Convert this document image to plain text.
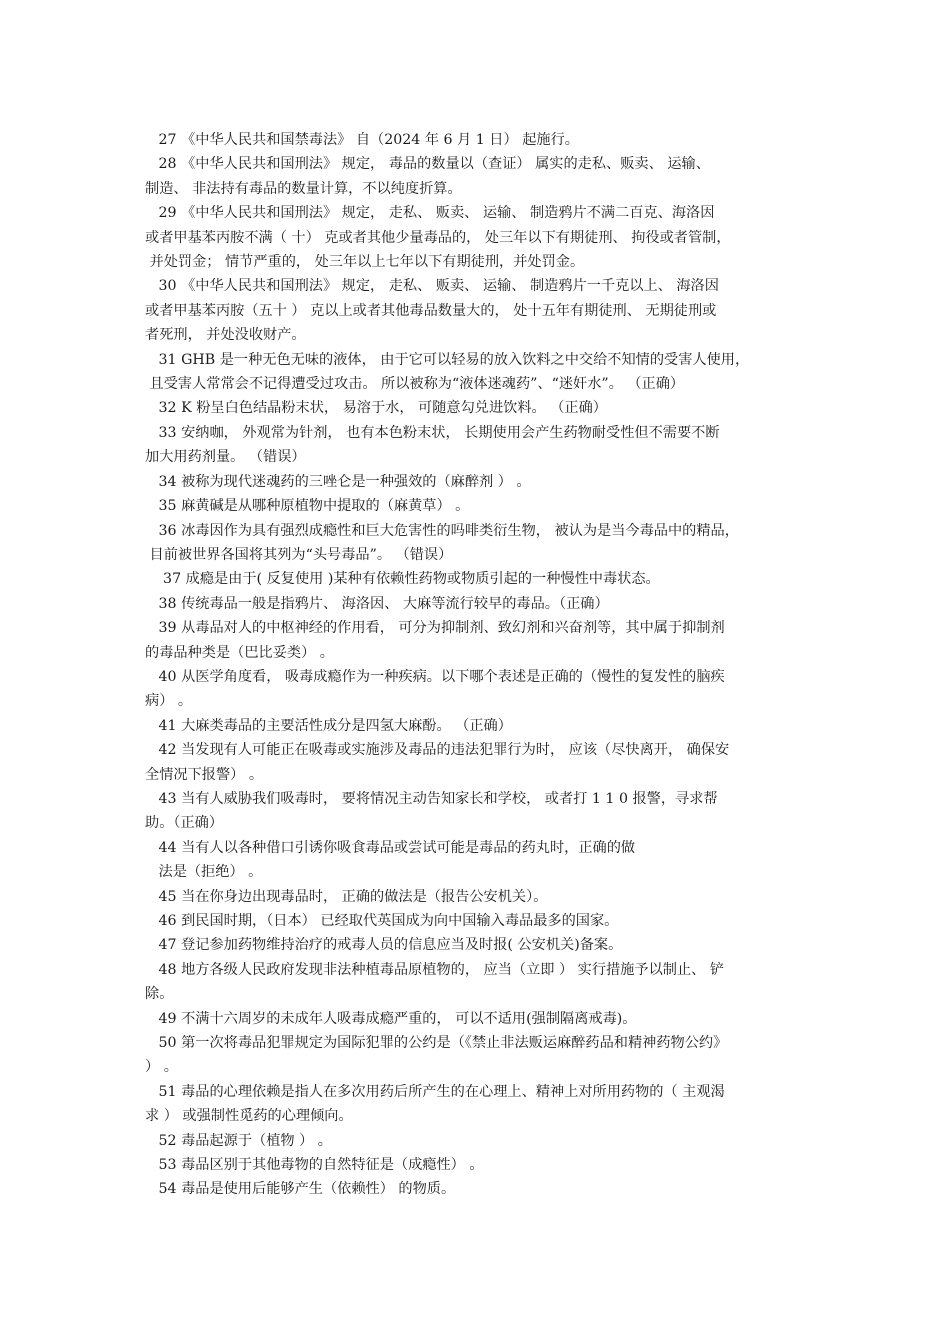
27 《中华人民共和国禁毒法》 自（2024 年 6 月 1 日） 起施行。
28 《中华人民共和国刑法》 规定， 毒品的数量以（查证） 属实的走私、贩卖、 运输、
制造、 非法持有毒品的数量计算，不以纯度折算。
29 《中华人民共和国刑法》 规定， 走私、 贩卖、 运输、 制造鸦片不满二百克、海洛因
或者甲基苯丙胺不满（ 十） 克或者其他少量毒品的， 处三年以下有期徒刑、 拘役或者管制，
并处罚金； 情节严重的， 处三年以上七年以下有期徒刑，并处罚金。
30 《中华人民共和国刑法》 规定， 走私、 贩卖、 运输、 制造鸦片一千克以上、 海洛因
或者甲基苯丙胺（五十 ） 克以上或者其他毒品数量大的， 处十五年有期徒刑、 无期徒刑或
者死刑， 并处没收财产。
31 GHB 是一种无色无味的液体， 由于它可以轻易的放入饮料之中交给不知情的受害人使用，
且受害人常常会不记得遭受过攻击。 所以被称为“液体迷魂药”、“迷奸水”。 （正确）
32 K 粉呈白色结晶粉末状， 易溶于水， 可随意勾兑进饮料。 （正确）
33 安纳咖， 外观常为针剂， 也有本色粉末状， 长期使用会产生药物耐受性但不需要不断
加大用药剂量。 （错误）
34 被称为现代迷魂药的三唑仑是一种强效的（麻醉剂 ） 。
35 麻黄碱是从哪种原植物中提取的（麻黄草） 。
36 冰毒因作为具有强烈成瘾性和巨大危害性的吗啡类衍生物， 被认为是当今毒品中的精品，
目前被世界各国将其列为“头号毒品”。 （错误）
37 成瘾是由于( 反复使用 )某种有依赖性药物或物质引起的一种慢性中毒状态。
38 传统毒品一般是指鸦片、 海洛因、 大麻等流行较早的毒品。（正确）
39 从毒品对人的中枢神经的作用看， 可分为抑制剂、致幻剂和兴奋剂等，其中属于抑制剂
的毒品种类是（巴比妥类） 。
40 从医学角度看， 吸毒成瘾作为一种疾病。以下哪个表述是正确的（慢性的复发性的脑疾
病） 。
41 大麻类毒品的主要活性成分是四氢大麻酚。 （正确）
42 当发现有人可能正在吸毒或实施涉及毒品的违法犯罪行为时， 应该（尽快离开， 确保安
全情况下报警） 。
43 当有人威胁我们吸毒时， 要将情况主动告知家长和学校， 或者打 1 1 0 报警，寻求帮
助。（正确）
44 当有人以各种借口引诱你吸食毒品或尝试可能是毒品的药丸时，正确的做
法是（拒绝） 。
45 当在你身边出现毒品时， 正确的做法是（报告公安机关）。
46 到民国时期，（日本） 已经取代英国成为向中国输入毒品最多的国家。
47 登记参加药物维持治疗的戒毒人员的信息应当及时报( 公安机关)备案。
48 地方各级人民政府发现非法种植毒品原植物的， 应当（立即 ） 实行措施予以制止、 铲
除。
49 不满十六周岁的未成年人吸毒成瘾严重的， 可以不适用(强制隔离戒毒)。
50 第一次将毒品犯罪规定为国际犯罪的公约是（《禁止非法贩运麻醉药品和精神药物公约》
） 。
51 毒品的心理依赖是指人在多次用药后所产生的在心理上、精神上对所用药物的（ 主观渴
求 ） 或强制性觅药的心理倾向。
52 毒品起源于（植物 ） 。
53 毒品区别于其他毒物的自然特征是（成瘾性） 。
54 毒品是使用后能够产生（依赖性） 的物质。
